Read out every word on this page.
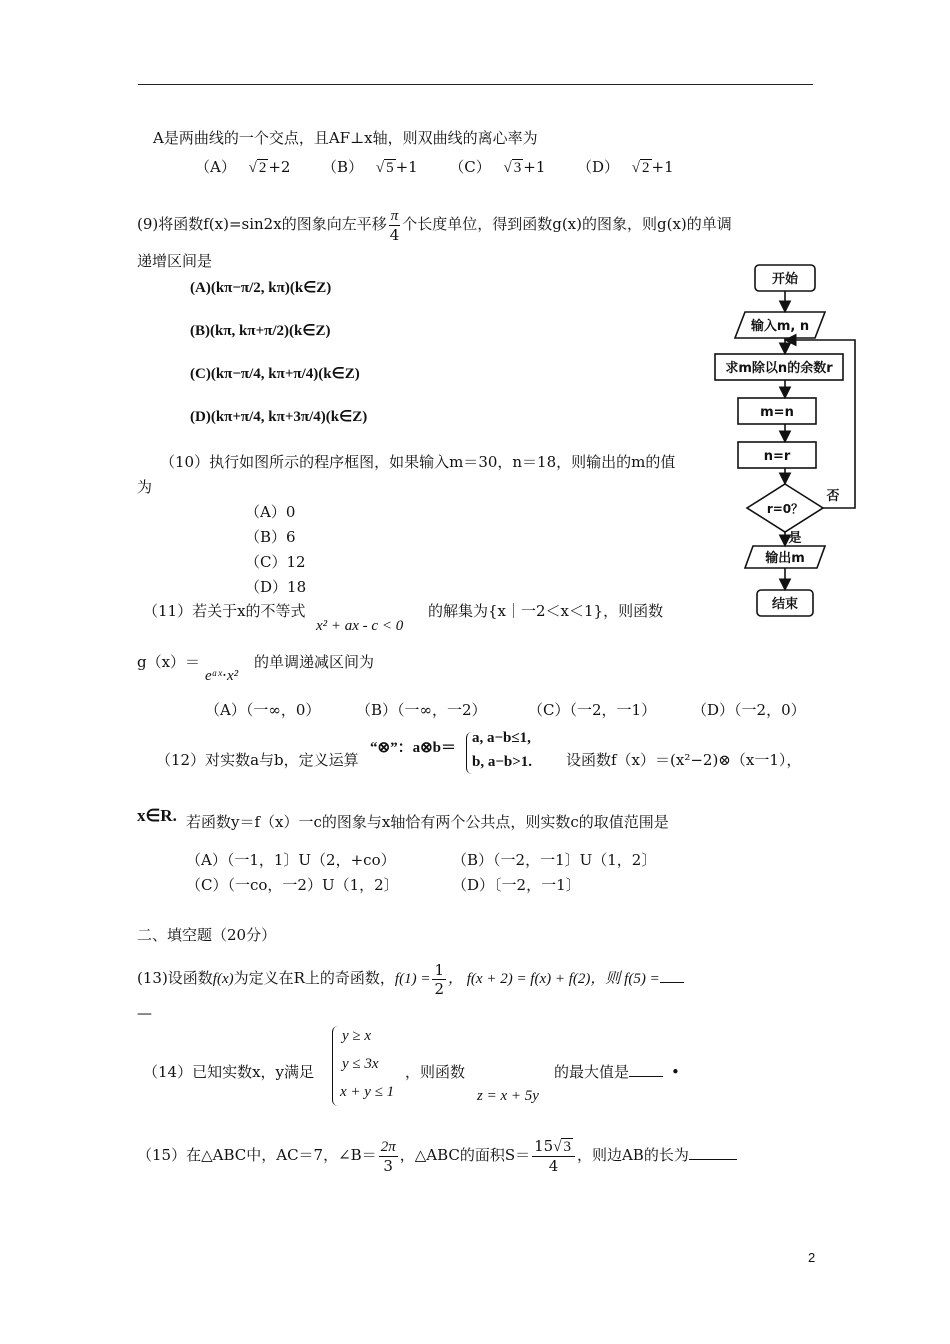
A是两曲线的一个交点，且AF⊥x轴，则双曲线的离心率为
（A） √ 2 +2 （B） √ 5 +1 （C） √ 3 +1 （D） √ 2 +1
(9)将函数f(x)=sin2x的图象向左平移 $\frac{\pi}{4}$ 个长度单位，得到函数g(x)的图象，则g(x)的单调
递增区间是
(A)(kπ−π/2, kπ)(k∈Z)
(B)(kπ, kπ+π/2)(k∈Z)
(C)(kπ−π/4, kπ+π/4)(k∈Z)
(D)(kπ+π/4, kπ+3π/4)(k∈Z)
（10）执行如图所示的程序框图，如果输入m＝30，n＝18，则输出的m的值
为
（A）0
（B）6
（C）12
（D）18
开始
输入m, n
求m除以n的余数r
m=n
n=r
r=0？
否
是
输出m
结束
（11）若关于x的不等式
x² + ax - c < 0
的解集为{x｜一2＜x＜1}，则函数
g（x）＝
eᵃˣ⋅x²
的单调递减区间为
（A）（一∞，0） （B）（一∞，一2）	（C）（一2，一1） （D）（一2，0）
（12）对实数a与b，定义运算
“⊗”：a⊗b＝
a, a−b≤1,
b, a−b>1. 设函数f（x）＝(x²−2)⊗（x一1），
x∈R. 若函数y＝f（x）一c的图象与x轴恰有两个公共点，则实数c的取值范围是
（A）（一1，1〕U（2，+co）	（B）（一2，一1〕U（1，2〕
（C）（一co，一2）U（1，2〕	（D）〔一2，一1〕
二、填空题（20分）
(13)设函数f(x)为定义在R上的奇函数，$f(1) = \frac{1}{2}$ ， f(x + 2) = f(x) + f(2)，则 f(5) =
—
（14）已知实数x，y满足
y ≥ x
y ≤ 3x
x + y ≤ 1
，则函数
z = x + 5y
的最大值是	•
（15）在△ABC中，AC＝7，∠B＝ $\frac{2\pi}{3}$ ，△ABC的面积$S= \frac{15√ 3}{4}$ ，则边AB的长为
2
